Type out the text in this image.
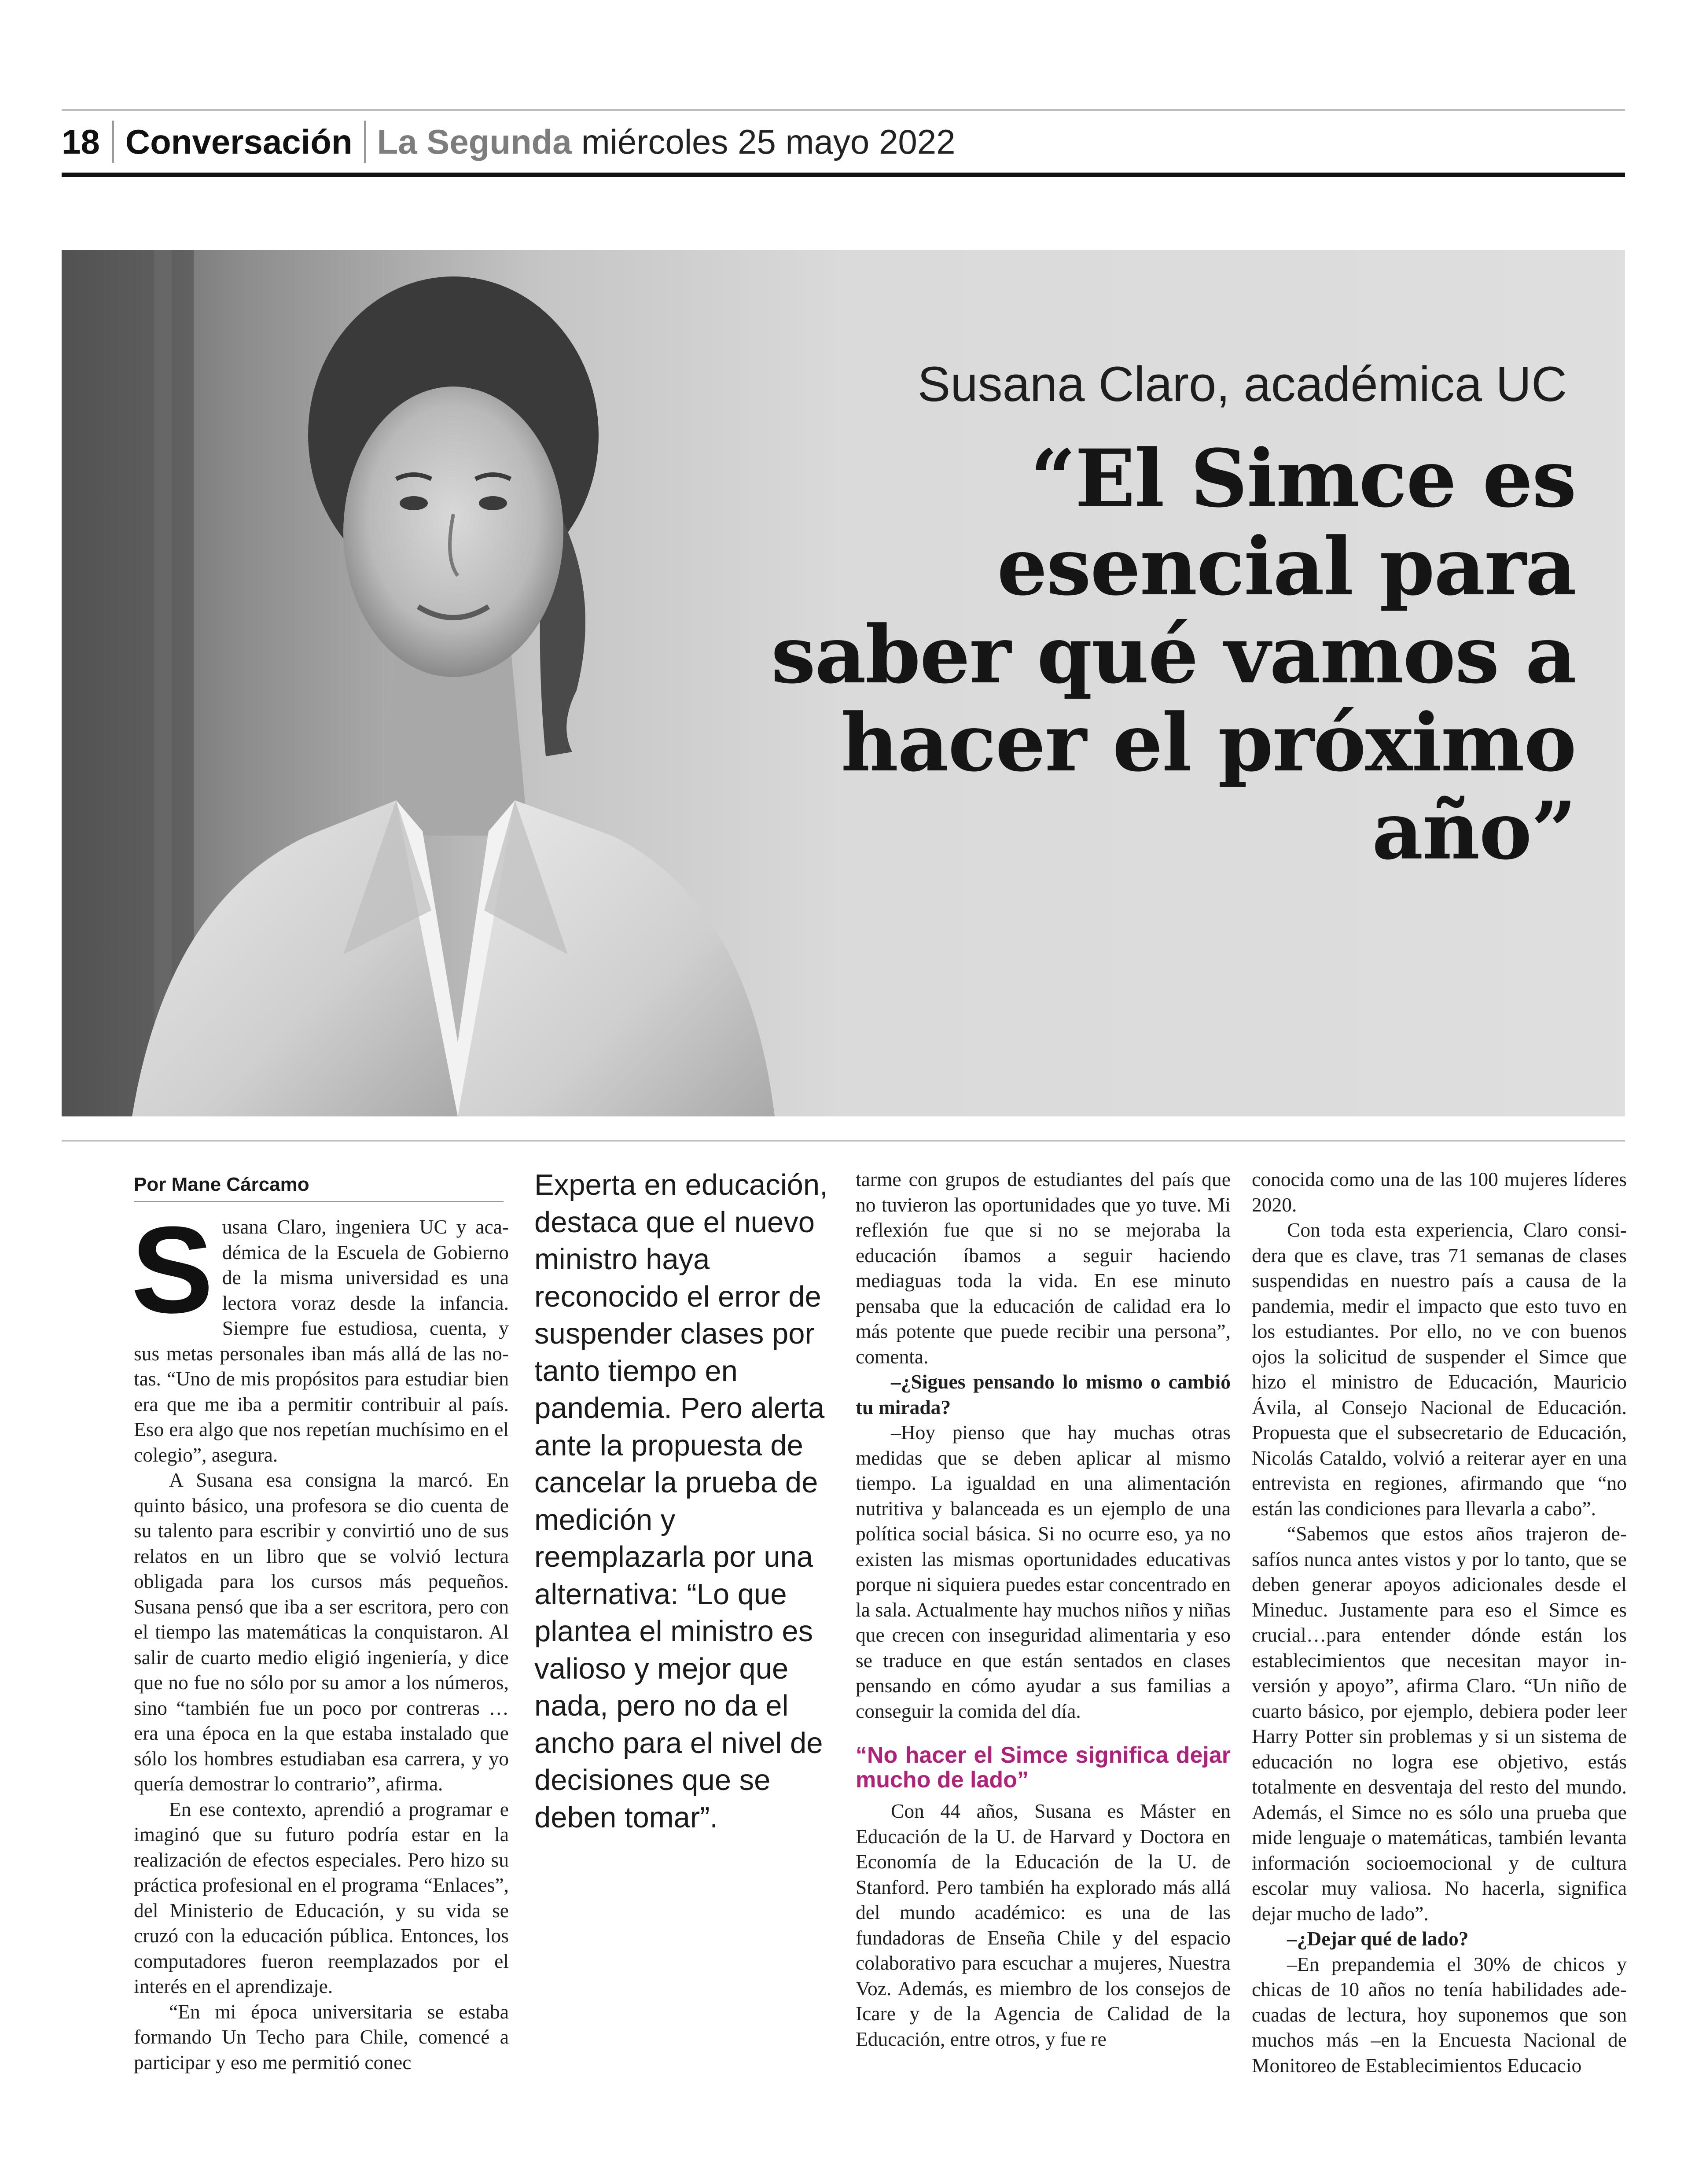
18 Conversación La Segunda miércoles 25 mayo 2022
Susana Claro, académica UC
“El Simce es esencial para saber qué vamos a hacer el próximo año”
Por Mane Cárcamo

Susana Claro, ingeniera UC y académica de la Escuela de Gobierno de la misma universidad es una lectora voraz desde la infancia. Siempre fue estudiosa, cuenta, y sus metas personales iban más allá de las notas. “Uno de mis propósitos para estudiar bien era que me iba a permitir contribuir al país. Eso era algo que nos repetían muchísimo en el colegio”, asegura.

A Susana esa consigna la marcó. En quinto básico, una profesora se dio cuenta de su talento para escribir y convirtió uno de sus relatos en un libro que se volvió lectura obligada para los cursos más pequeños. Susana pensó que iba a ser escritora, pero con el tiempo las matemáticas la conquistaron. Al salir de cuarto medio eligió ingeniería, y dice que no fue no sólo por su amor a los números, sino “también fue un poco por contreras … era una época en la que estaba instalado que sólo los hombres estudiaban esa carrera, y yo quería demostrar lo contrario”, afirma.

En ese contexto, aprendió a programar e imaginó que su futuro podría estar en la realización de efectos especiales. Pero hizo su práctica profesional en el programa “Enlaces”, del Ministerio de Educación, y su vida se cruzó con la educación pública. Entonces, los computadores fueron reemplazados por el interés en el aprendizaje.

“En mi época universitaria se estaba formando Un Techo para Chile, comencé a participar y eso me permitió conec

Experta en educación, destaca que el nuevo ministro haya reconocido el error de suspender clases por tanto tiempo en pandemia. Pero alerta ante la propuesta de cancelar la prueba de medición y reemplazarla por una alternativa: “Lo que plantea el ministro es valioso y mejor que nada, pero no da el ancho para el nivel de decisiones que se deben tomar”.

tarme con grupos de estudiantes del país que no tuvieron las oportunidades que yo tuve. Mi reflexión fue que si no se mejoraba la educación íbamos a seguir haciendo mediaguas toda la vida. En ese minuto pensaba que la educación de calidad era lo más potente que puede recibir una persona”, comenta.

–¿Sigues pensando lo mismo o cambió tu mirada?

–Hoy pienso que hay muchas otras medidas que se deben aplicar al mismo tiempo. La igualdad en una alimentación nutritiva y balanceada es un ejemplo de una política social básica. Si no ocurre eso, ya no existen las mismas oportunidades educativas porque ni siquiera puedes estar concentrado en la sala. Actualmente hay muchos niños y niñas que crecen con inseguridad alimentaria y eso se traduce en que están sentados en clases pensando en cómo ayudar a sus familias a conseguir la comida del día.

“No hacer el Simce significa dejar mucho de lado”

Con 44 años, Susana es Máster en Educación de la U. de Harvard y Doctora en Economía de la Educación de la U. de Stanford. Pero también ha explorado más allá del mundo académico: es una de las fundadoras de Enseña Chile y del espacio colaborativo para escuchar a mujeres, Nuestra Voz. Además, es miembro de los consejos de Icare y de la Agencia de Calidad de la Educación, entre otros, y fue re

conocida como una de las 100 mujeres líderes 2020.

Con toda esta experiencia, Claro considera que es clave, tras 71 semanas de clases suspendidas en nuestro país a causa de la pandemia, medir el impacto que esto tuvo en los estudiantes. Por ello, no ve con buenos ojos la solicitud de suspender el Simce que hizo el ministro de Educación, Mauricio Ávila, al Consejo Nacional de Educación. Propuesta que el subsecretario de Educación, Nicolás Cataldo, volvió a reiterar ayer en una entrevista en regiones, afirmando que “no están las condiciones para llevarla a cabo”.

“Sabemos que estos años trajeron desafíos nunca antes vistos y por lo tanto, que se deben generar apoyos adicionales desde el Mineduc. Justamente para eso el Simce es crucial…para entender dónde están los establecimientos que necesitan mayor inversión y apoyo”, afirma Claro. “Un niño de cuarto básico, por ejemplo, debiera poder leer Harry Potter sin problemas y si un sistema de educación no logra ese objetivo, estás totalmente en desventaja del resto del mundo. Además, el Simce no es sólo una prueba que mide lenguaje o matemáticas, también levanta información socioemocional y de cultura escolar muy valiosa. No hacerla, significa dejar mucho de lado”.

–¿Dejar qué de lado?

–En prepandemia el 30% de chicos y chicas de 10 años no tenía habilidades adecuadas de lectura, hoy suponemos que son muchos más –en la Encuesta Nacional de Monitoreo de Establecimientos Educacio
